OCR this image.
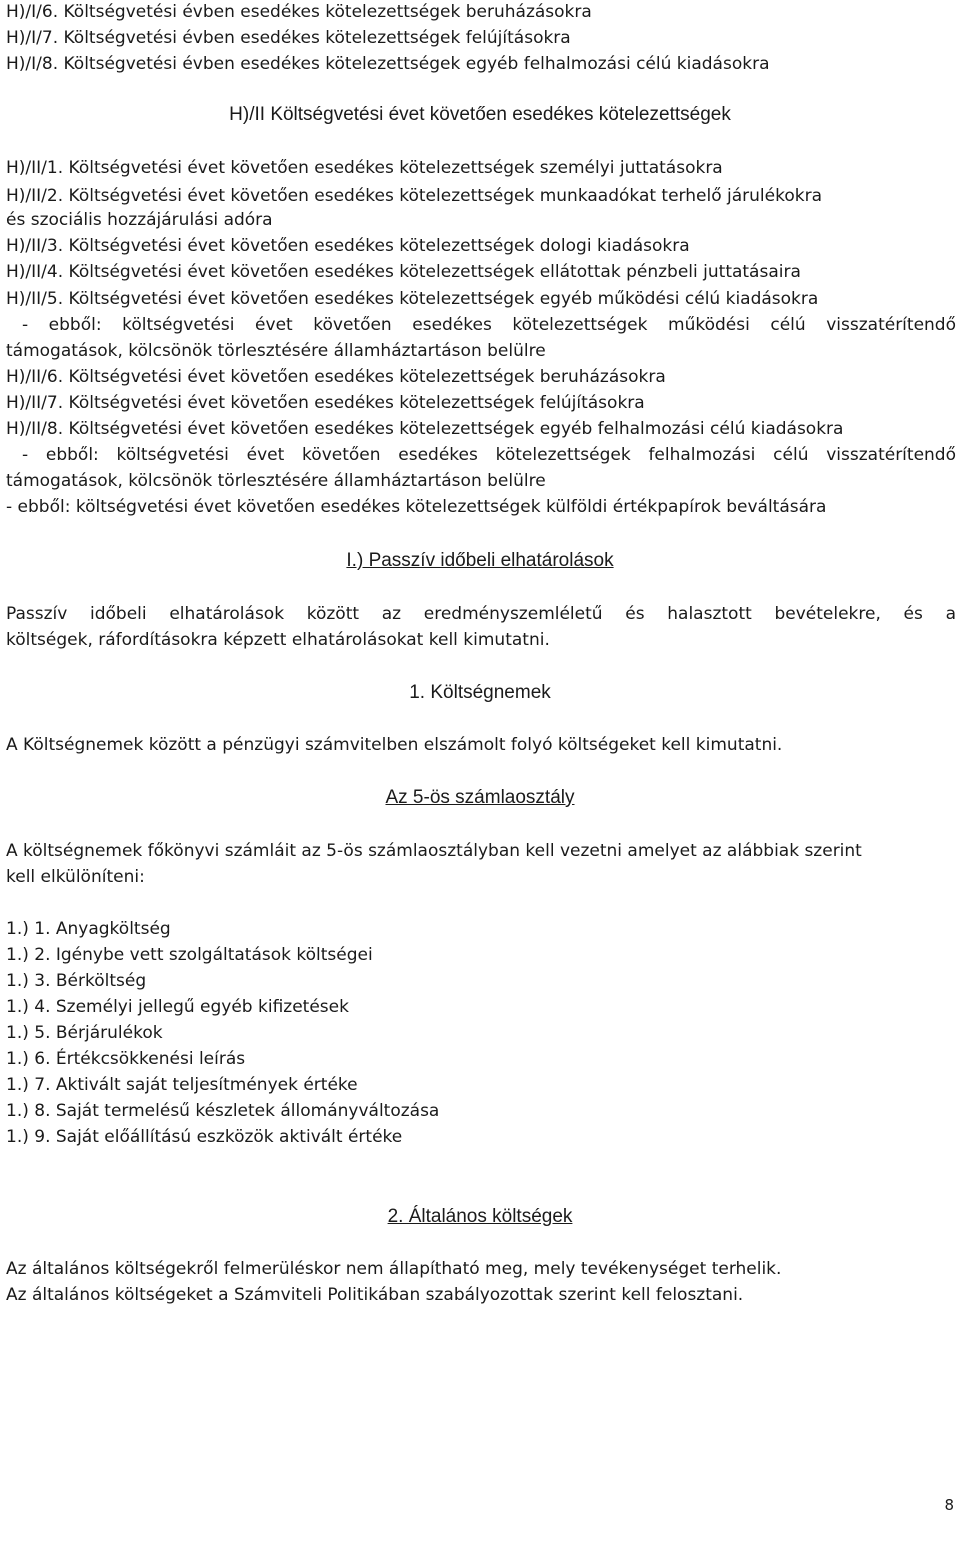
H)/I/6. Költségvetési évben esedékes kötelezettségek beruházásokra
H)/I/7. Költségvetési évben esedékes kötelezettségek felújításokra
H)/I/8. Költségvetési évben esedékes kötelezettségek egyéb felhalmozási célú kiadásokra
H)/II Költségvetési évet követően esedékes kötelezettségek
H)/II/1. Költségvetési évet követően esedékes kötelezettségek személyi juttatásokra
H)/II/2. Költségvetési évet követően esedékes kötelezettségek munkaadókat terhelő járulékokra
és szociális hozzájárulási adóra
H)/II/3. Költségvetési évet követően esedékes kötelezettségek dologi kiadásokra
H)/II/4. Költségvetési évet követően esedékes kötelezettségek ellátottak pénzbeli juttatásaira
H)/II/5. Költségvetési évet követően esedékes kötelezettségek egyéb működési célú kiadásokra
- ebből: költségvetési évet követően esedékes kötelezettségek működési célú visszatérítendő
támogatások, kölcsönök törlesztésére államháztartáson belülre
H)/II/6. Költségvetési évet követően esedékes kötelezettségek beruházásokra
H)/II/7. Költségvetési évet követően esedékes kötelezettségek felújításokra
H)/II/8. Költségvetési évet követően esedékes kötelezettségek egyéb felhalmozási célú kiadásokra
- ebből: költségvetési évet követően esedékes kötelezettségek felhalmozási célú visszatérítendő
támogatások, kölcsönök törlesztésére államháztartáson belülre
- ebből: költségvetési évet követően esedékes kötelezettségek külföldi értékpapírok beváltására
I.) Passzív időbeli elhatárolások
Passzív időbeli elhatárolások között az eredményszemléletű és halasztott bevételekre, és a
költségek, ráfordításokra képzett elhatárolásokat kell kimutatni.
1. Költségnemek
A Költségnemek között a pénzügyi számvitelben elszámolt folyó költségeket kell kimutatni.
Az 5-ös számlaosztály
A költségnemek főkönyvi számláit az 5-ös számlaosztályban kell vezetni amelyet az alábbiak szerint
kell elkülöníteni:
1.) 1. Anyagköltség
1.) 2. Igénybe vett szolgáltatások költségei
1.) 3. Bérköltség
1.) 4. Személyi jellegű egyéb kifizetések
1.) 5. Bérjárulékok
1.) 6. Értékcsökkenési leírás
1.) 7. Aktivált saját teljesítmények értéke
1.) 8. Saját termelésű készletek állományváltozása
1.) 9. Saját előállítású eszközök aktivált értéke
2. Általános költségek
Az általános költségekről felmerüléskor nem állapítható meg, mely tevékenységet terhelik.
Az általános költségeket a Számviteli Politikában szabályozottak szerint kell felosztani.
8
